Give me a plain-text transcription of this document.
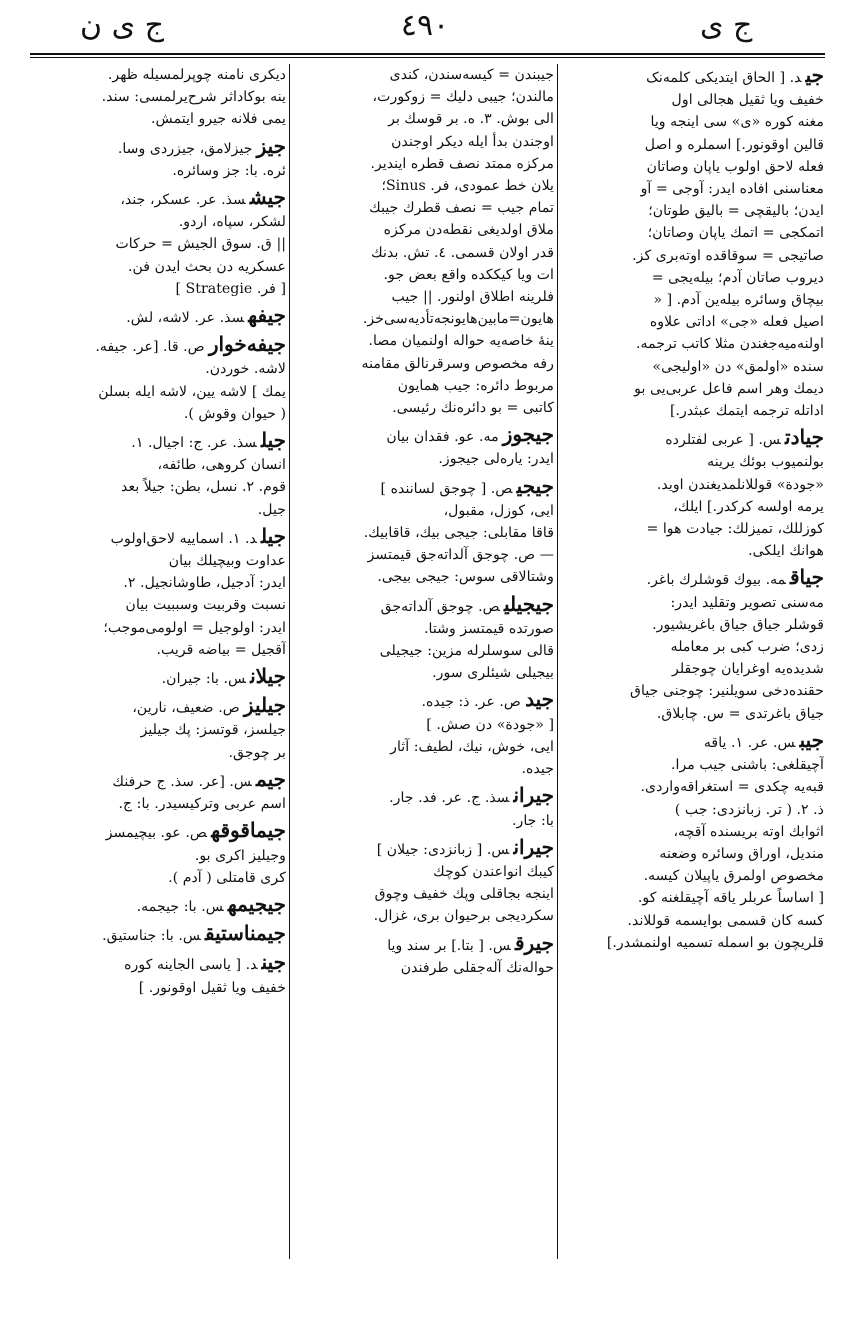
ج ی ن	٤٩٠	ج ی
جید. [ الحاق ایتدیکی کلمه‌نک
خفیف ویا ثقیل هجالی اول
مغنه کوره «ی» سی اینجه ویا
قالین اوقونور.] اسملره و اصل
فعله لاحق اولوب یاپان وصاتان
معناسنی افاده ایدر: آوجی = آو
ایدن؛ بالیقچی = بالیق طوتان؛
اتمکجی = اتمك یاپان وصاتان؛
صاتیجی = سوقاقده اوته‌بری کز.
دیروب صاتان آدم؛ بیله‌یجی =
بیچاق وسائره بیله‌ین آدم. [ «
اصیل فعله «جی» اداتی علاوه
اولنه‌میه‌جغندن مثلا کاتب ترجمه.
سنده «اولمق» دن «اولیجی»
دیمك وهر اسم فاعل عربی‌یی بو
اداتله ترجمه ایتمك عبثدر.]
جیادتس. [ عربی لفتلرده
بولنمیوب بوئك یرینه
«جودة» قوللانلمدیغندن اوید.
یرمه اولسه کرکدر.] ایلك،
کوزللك، تمیزلك: جیادت هوا =
هوانك ایلکی.
جیاقمه. بیوك قوشلرك باغر.
مه‌سنی تصویر وتقلید ایدر:
قوشلر جیاق جیاق باغریشیور.
زدی؛ ضرب کبی بر معامله
شدیده‌یه اوغرایان چوجقلر
حقنده‌دخی سویلنیر: چوجنی جیاق
جیاق باغرتدی = س. چابلاق.
جیبس. عر. ١. یاقه
آچیقلغی: باشنی جیب مرا.
قبه‌یه چکدی = استغراقه‌واردی.
ذ. ٢. ( تر. زبانزدی: جب )
اثوابك اوته بریسنده آقچه،
مندیل، اوراق وسائره وضعنه
مخصوص اولمرق یاپیلان کیسه.
[ اساساً عربلر یاقه آچیقلغنه کو.
کسه کان قسمی بوایسمه قوللاند.
قلریچون بو اسمله تسمیه اولنمشدر.]
جیبندن = کیسه‌سندن، کندی
مالندن؛ جیبی دلیك = زوکورت،
الی بوش. ٣. ه. بر قوسك بر
اوجندن بدأ ایله دیکر اوجندن
مرکزه ممتد نصف قطره ایندیر.
یلان خط عمودی، فر. Sinus؛
تمام جیب = نصف قطرك جیبك
ملاق اولدیغی نقطه‌دن مرکزه
قدر اولان قسمی. ٤. تش. بدنك
ات ویا کیککده واقع بعض جو.
فلرینه اطلاق اولنور. || جیب
هایون=مابین‌هایونجه‌تأدیه‌سی‌خز.
ینهٔ خاصه‌یه حواله اولنمیان مصا.
رفه مخصوص وسرقرنالق مقامنه
مربوط دائره: جیب همایون
کاتبی = بو دائره‌نك رئیسی.
جیجوزمه. عو. فقدان بیان
ایدر: یاره‌لی جیجوز.
جیجیص. [ چوجق لساننده ]
ایی، کوزل، مقبول،
قاقا مقابلی: جیجی بیك، قاقابیك.
— ص. چوجق آلداته‌جق قیمتسز
وشتالاقی سوس: جیجی بیجی.
جیجیلیص. چوجق آلداته‌جق
صورتده قیمتسز وشتا.
قالی سوسلرله مزین: جیجیلی
بیجیلی شیئلری سور.
جیدص. عر. ذ: جیده.
[ «جودة» دن صش. ]
ایی، خوش، نیك، لطیف: آثار
جیده.
جیرانسذ. ج. عر. فد. جار.
با: جار.
جیرانس. [ زبانزدی: جیلان ]
کیبك انواعندن کوچك
اینجه بجاقلی وپك خفیف وچوق
سکردیجی برحیوان بری، غزال.
جیرقس. [ بتا.] بر سند ویا
حواله‌نك آله‌جقلی طرفندن
دیکری نامنه چوپرلمسیله ظهر.
ینه بوکاداثر شرح‌یرلمسی: سند.
یمی فلانه جیرو ایتمش.
جیزجیزلامق، جیزردی وسا.
ئره. با: جز وسائره.
جیشسذ. عر. عسکر، جند،
لشکر، سپاه، اردو.
|| ق. سوق الجیش = حرکات
عسکریه دن بحث ایدن فن.
[ فر. Strategie ]
جیفهسذ. عر. لاشه، لش.
جیفه‌خوارص. قا. [عر. جیفه.
لاشه. خوردن.
یمك ] لاشه یین، لاشه ایله بسلن
( حیوان وقوش ).
جیلسذ. عر. ج: اجیال. ١.
انسان کروهی، طائفه،
قوم. ٢. نسل، بطن: جیلاً بعد
جیل.
جیلد. ١. اسماییه لاحق‌اولوب
عداوت وبیچیلك بیان
ایدر: آدجیل، طاوشانجیل. ٢.
نسبت وقربیت وسببیت بیان
ایدر: اولوجیل = اولومی‌موجب؛
آقجیل = بیاضه قریب.
جیلانس. با: جیران.
جیلیزص. ضعیف، نارین،
جیلسز، قوتسز: پك جیلیز
بر چوجق.
جیمس. [عر. سذ. ج حرفنك
اسم عربی وترکیسیدر. با: ج.
جیماقوقهص. عو. بیچیمسز
وجیلیز اکری بو.
کری قامتلی ( آدم ).
جیجیمهس. با: جیجمه.
جیمناستیقس. با: جناستیق.
جیند. [ یاسی الجاینه کوره
خفیف ویا ثقیل اوقونور. ]
